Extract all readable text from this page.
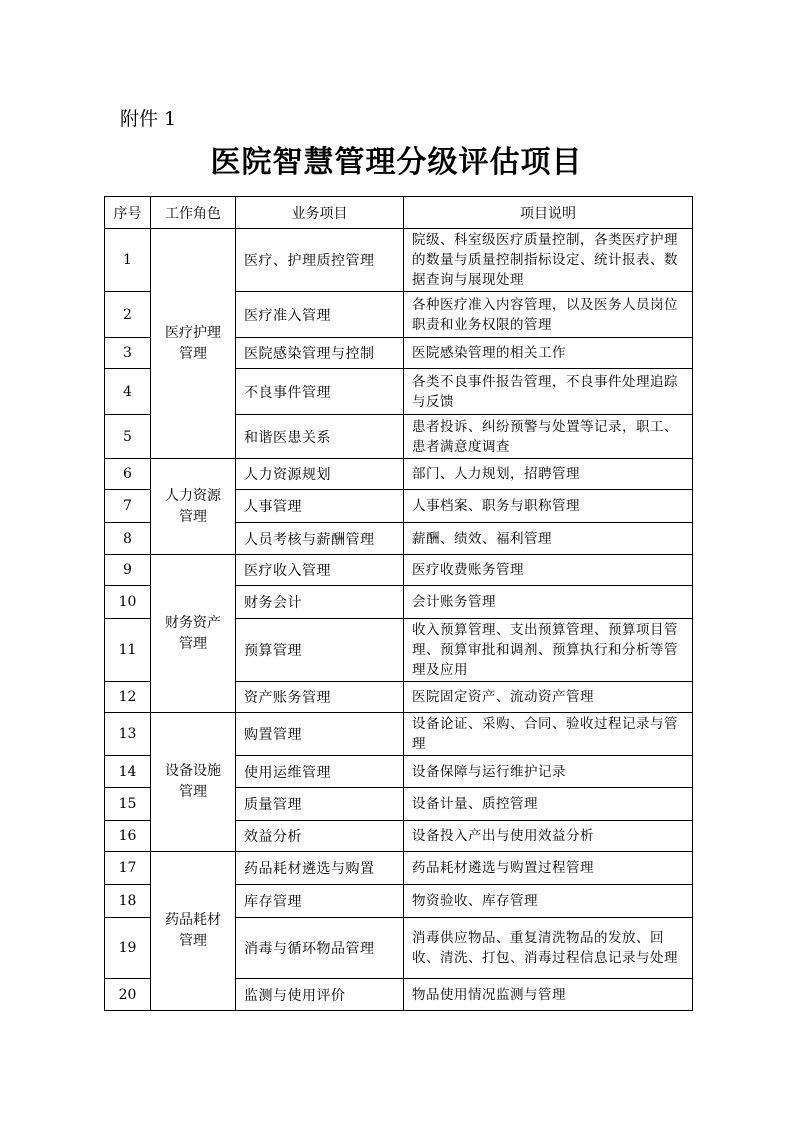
附件 1
医院智慧管理分级评估项目
序号	工作角色	业务项目	项目说明
1	医疗护理管理	医疗、护理质控管理	院级、科室级医疗质量控制，各类医疗护理的数量与质量控制指标设定、统计报表、数据查询与展现处理
2		医疗准入管理	各种医疗准入内容管理，以及医务人员岗位职责和业务权限的管理
3		医院感染管理与控制	医院感染管理的相关工作
4		不良事件管理	各类不良事件报告管理，不良事件处理追踪与反馈
5		和谐医患关系	患者投诉、纠纷预警与处置等记录，职工、患者满意度调查
6	人力资源管理	人力资源规划	部门、人力规划，招聘管理
7		人事管理	人事档案、职务与职称管理
8		人员考核与薪酬管理	薪酬、绩效、福利管理
9	财务资产管理	医疗收入管理	医疗收费账务管理
10		财务会计	会计账务管理
11		预算管理	收入预算管理、支出预算管理、预算项目管理、预算审批和调剂、预算执行和分析等管理及应用
12		资产账务管理	医院固定资产、流动资产管理
13	设备设施管理	购置管理	设备论证、采购、合同、验收过程记录与管理
14		使用运维管理	设备保障与运行维护记录
15		质量管理	设备计量、质控管理
16		效益分析	设备投入产出与使用效益分析
17	药品耗材管理	药品耗材遴选与购置	药品耗材遴选与购置过程管理
18		库存管理	物资验收、库存管理
19		消毒与循环物品管理	消毒供应物品、重复清洗物品的发放、回收、清洗、打包、消毒过程信息记录与处理
20		监测与使用评价	物品使用情况监测与管理
